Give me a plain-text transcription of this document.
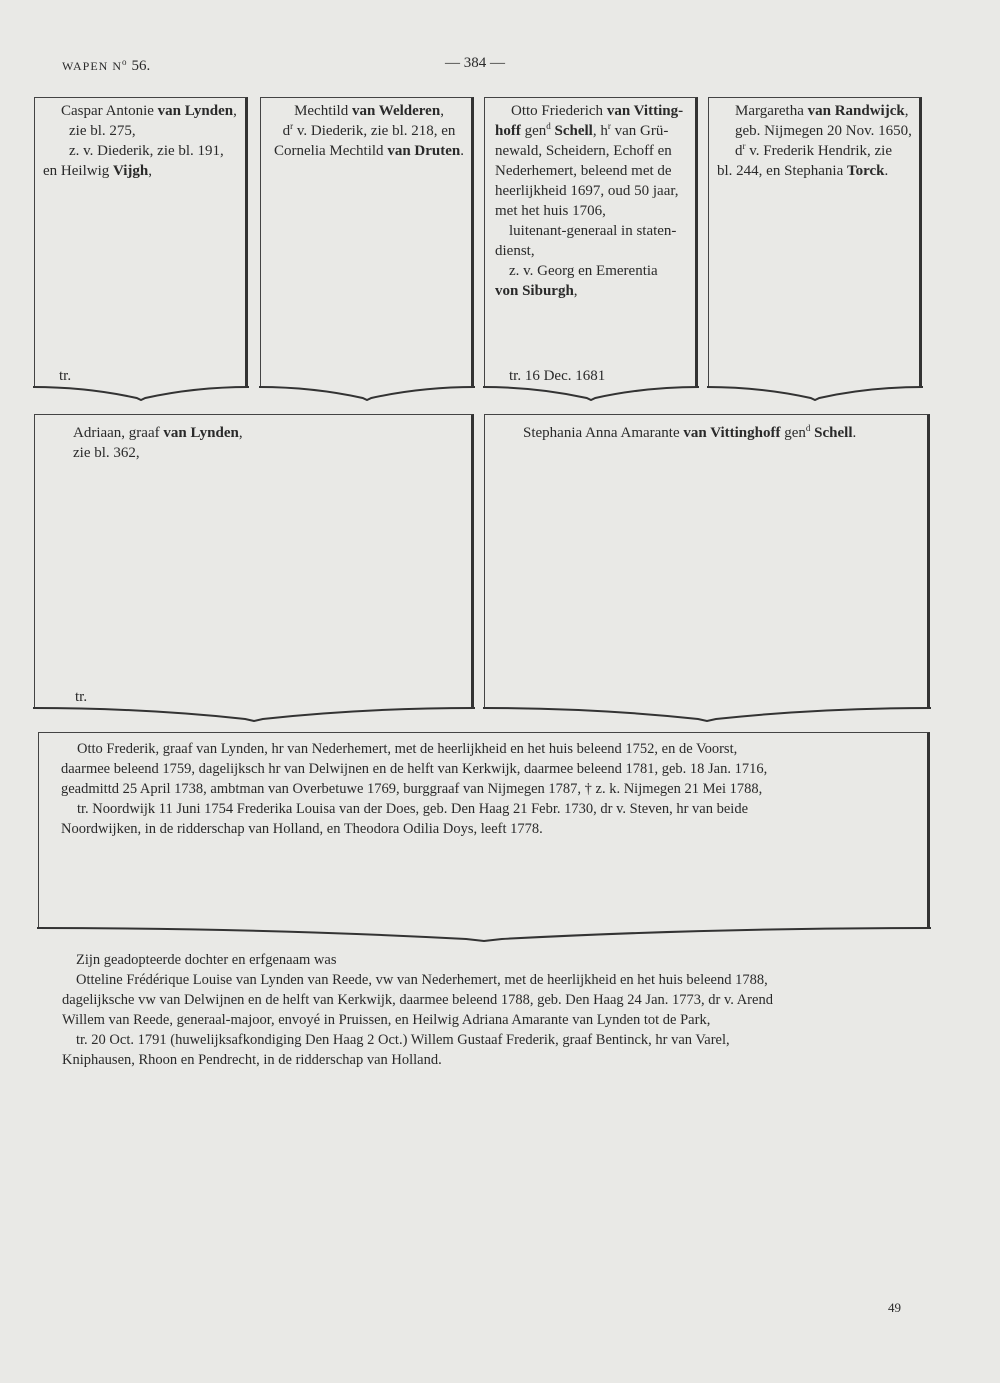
WAPEN $N^o$ 56.	— 384 —
Caspar Antonie van Lynden,
zie bl. 275,
z. v. Diederik, zie bl. 191,
en Heilwig Vijgh,
tr.
Mechtild van Welderen,
$d^r$ v. Diederik, zie bl. 218, en
Cornelia Mechtild van Druten.
Otto Friederich van Vitting-
hoff gen$^d$ Schell, $h^r$ van Grü-
newald, Scheidern, Echoff en
Nederhemert, beleend met de
heerlijkheid 1697, oud 50 jaar,
met het huis 1706,
luitenant-generaal in staten-
dienst,
z. v. Georg en Emerentia
von Siburgh,
tr. 16 Dec. 1681
Margaretha van Randwijck,
geb. Nijmegen 20 Nov. 1650,
$d^r$ v. Frederik Hendrik, zie
bl. 244, en Stephania Torck.
Adriaan, graaf van Lynden,
zie bl. 362,
tr.
Stephania Anna Amarante van Vittinghoff gen$^d$ Schell.
Otto Frederik, graaf van Lynden, hr van Nederhemert, met de heerlijkheid en het huis beleend 1752, en de Voorst,
daarmee beleend 1759, dagelijksch hr van Delwijnen en de helft van Kerkwijk, daarmee beleend 1781, geb. 18 Jan. 1716,
geadmittd 25 April 1738, ambtman van Overbetuwe 1769, burggraaf van Nijmegen 1787, † z. k. Nijmegen 21 Mei 1788,
tr. Noordwijk 11 Juni 1754 Frederika Louisa van der Does, geb. Den Haag 21 Febr. 1730, dr v. Steven, hr van beide
Noordwijken, in de ridderschap van Holland, en Theodora Odilia Doys, leeft 1778.
Zijn geadopteerde dochter en erfgenaam was
Otteline Frédérique Louise van Lynden van Reede, vw van Nederhemert, met de heerlijkheid en het huis beleend 1788,
dagelijksche vw van Delwijnen en de helft van Kerkwijk, daarmee beleend 1788, geb. Den Haag 24 Jan. 1773, dr v. Arend
Willem van Reede, generaal-majoor, envoyé in Pruissen, en Heilwig Adriana Amarante van Lynden tot de Park,
tr. 20 Oct. 1791 (huwelijksafkondiging Den Haag 2 Oct.) Willem Gustaaf Frederik, graaf Bentinck, hr van Varel,
Kniphausen, Rhoon en Pendrecht, in de ridderschap van Holland.
49
